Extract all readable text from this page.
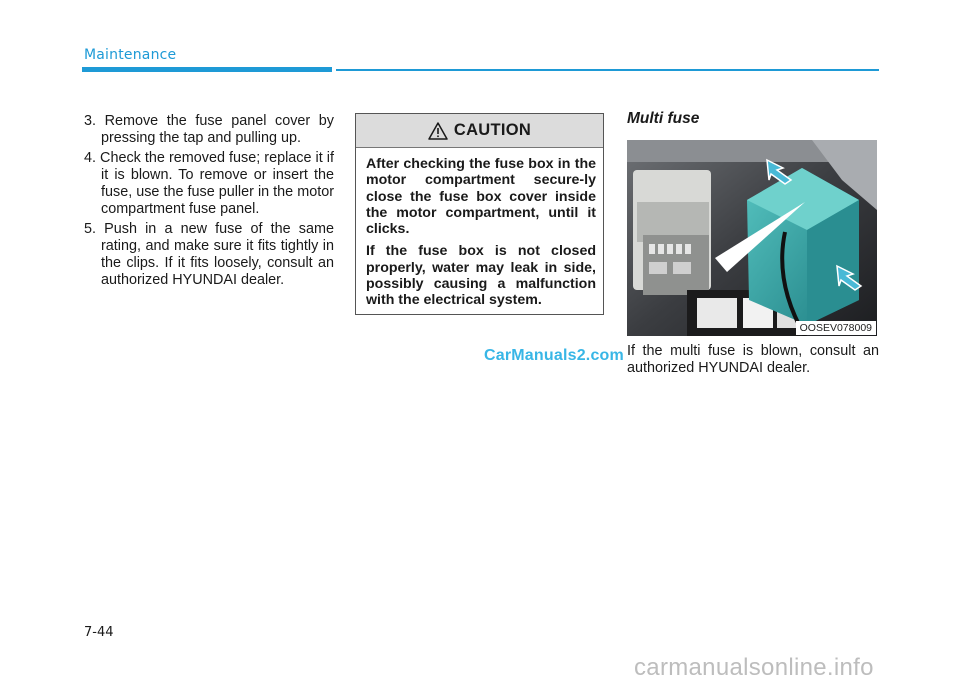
Maintenance
3. Remove the fuse panel cover by pressing the tap and pulling up.
4. Check the removed fuse; replace it if it is blown. To remove or insert the fuse, use the fuse puller in the motor compartment fuse panel.
5. Push in a new fuse of the same rating, and make sure it fits tightly in the clips. If it fits loosely, consult an authorized HYUNDAI dealer.
CAUTION

After checking the fuse box in the motor compartment secure-ly close the fuse box cover inside the motor compartment, until it clicks.

If the fuse box is not closed properly, water may leak in side, possibly causing a malfunction with the electrical system.

CarManuals2.com
Multi fuse
OOSEV078009

If the multi fuse is blown, consult an authorized HYUNDAI dealer.

7-44
carmanualsonline.info
